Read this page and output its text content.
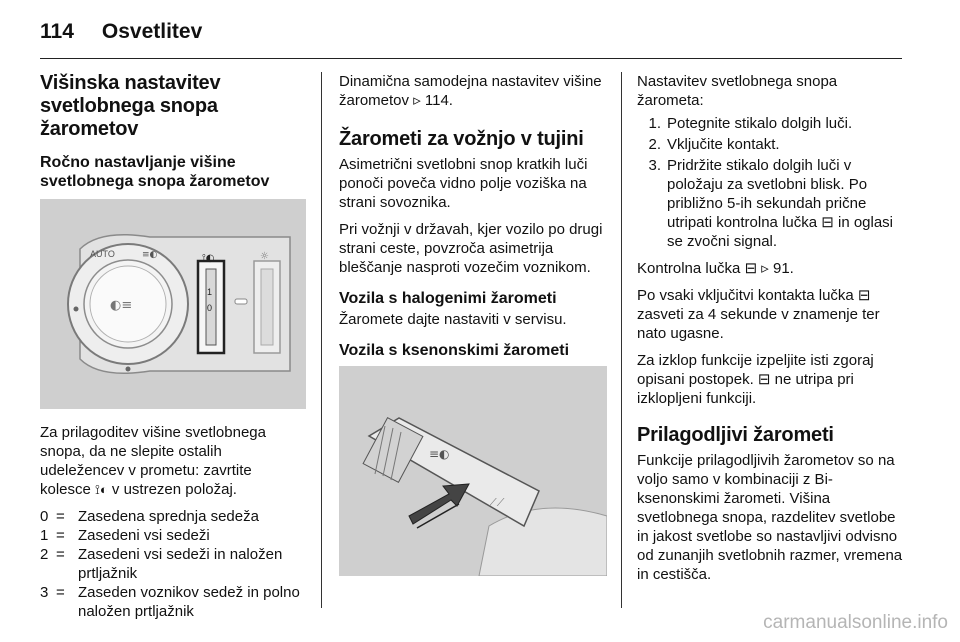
114 Osvetlitev
Višinska nastavitev svetlobnega snopa žarometov
Ročno nastavljanje višine svetlobnega snopa žarometov
◐≡
AUTO	≡◐
1
0
⟟◐	☼

Za prilagoditev višine svetlobnega snopa, da ne slepite ostalih udeležencev v prometu: zavrtite kolesce ⟟◐ v ustrezen položaj.

0 = Zasedena sprednja sedeža
1 = Zasedeni vsi sedeži
2 = Zasedeni vsi sedeži in naložen prtljažnik
3 = Zaseden voznikov sedež in polno naložen prtljažnik

Dinamična samodejna nastavitev višine žarometov ▹ 114.

Žarometi za vožnjo v tujini

Asimetrični svetlobni snop kratkih luči ponoči poveča vidno polje voziška na strani sovoznika.

Pri vožnji v državah, kjer vozilo po drugi strani ceste, povzroča asimetrija bleščanje nasproti vozečim voznikom.

Vozila s halogenimi žarometi

Žaromete dajte nastaviti v servisu.

Vozila s ksenonskimi žarometi
≡◐
⟋⟋

Nastavitev svetlobnega snopa žarometa:

1. Potegnite stikalo dolgih luči.
2. Vključite kontakt.
3. Pridržite stikalo dolgih luči v položaju za svetlobni blisk. Po približno 5-ih sekundah prične utripati kontrolna lučka ⊟ in oglasi se zvočni signal.

Kontrolna lučka ⊟ ▹ 91.

Po vsaki vključitvi kontakta lučka ⊟ zasveti za 4 sekunde v znamenje ter nato ugasne.

Za izklop funkcije izpeljite isti zgoraj opisani postopek. ⊟ ne utripa pri izklopljeni funkciji.

Prilagodljivi žarometi

Funkcije prilagodljivih žarometov so na voljo samo v kombinaciji z Bi-ksenonskimi žarometi. Višina svetlobnega snopa, razdelitev svetlobe in jakost svetlobe so nastavljivi odvisno od zunanjih svetlobnih razmer, vremena in cestišča.

carmanualsonline.info
